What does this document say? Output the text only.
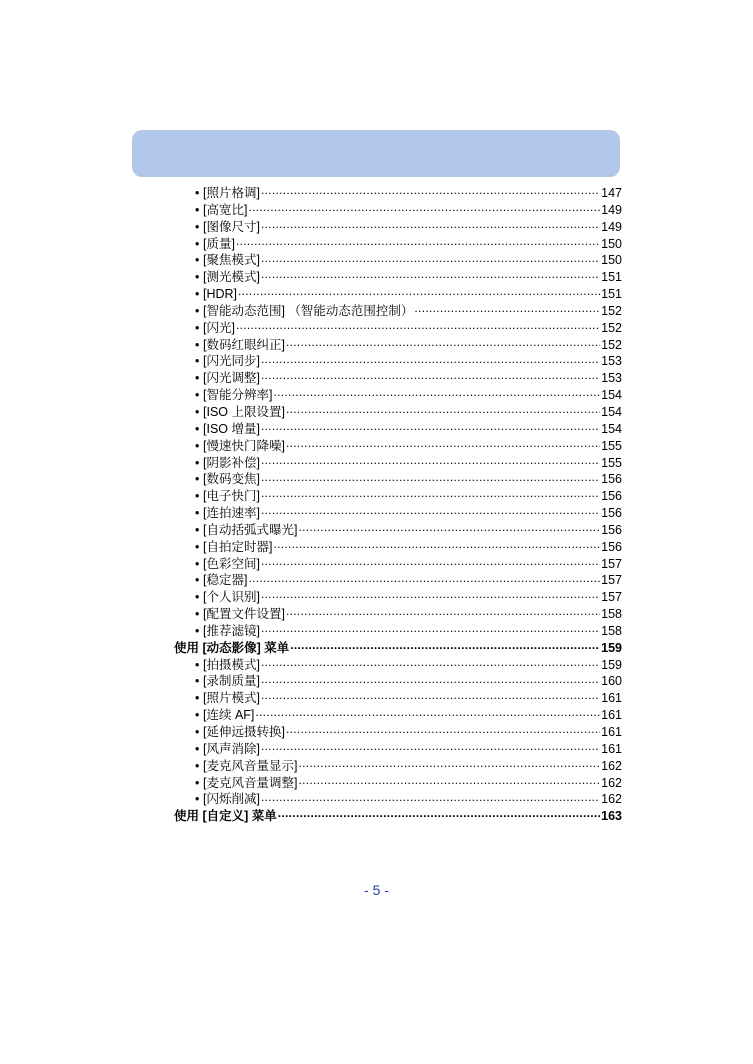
• [照片格调] .....	147
• [高宽比] .....	149
• [图像尺寸] .....	149
• [质量] .....	150
• [聚焦模式] .....	150
• [测光模式] .....	151
• [HDR] .....	151
• [智能动态范围] （智能动态范围控制） .....	152
• [闪光] .....	152
• [数码红眼纠正] .....	152
• [闪光同步] .....	153
• [闪光调整] .....	153
• [智能分辨率] .....	154
• [ISO 上限设置] .....	154
• [ISO 增量] .....	154
• [慢速快门降噪] .....	155
• [阴影补偿] .....	155
• [数码变焦] .....	156
• [电子快门] .....	156
• [连拍速率] .....	156
• [自动括弧式曝光] .....	156
• [自拍定时器] .....	156
• [色彩空间] .....	157
• [稳定器] .....	157
• [个人识别] .....	157
• [配置文件设置] .....	158
• [推荐滤镜] .....	158
使用 [动态影像] 菜单 .....	159
• [拍摄模式] .....	159
• [录制质量] .....	160
• [照片模式] .....	161
• [连续 AF] .....	161
• [延伸远摄转换] .....	161
• [风声消除] .....	161
• [麦克风音量显示] .....	162
• [麦克风音量调整] .....	162
• [闪烁削减] .....	162
使用 [自定义] 菜单 .....	163
- 5 -
